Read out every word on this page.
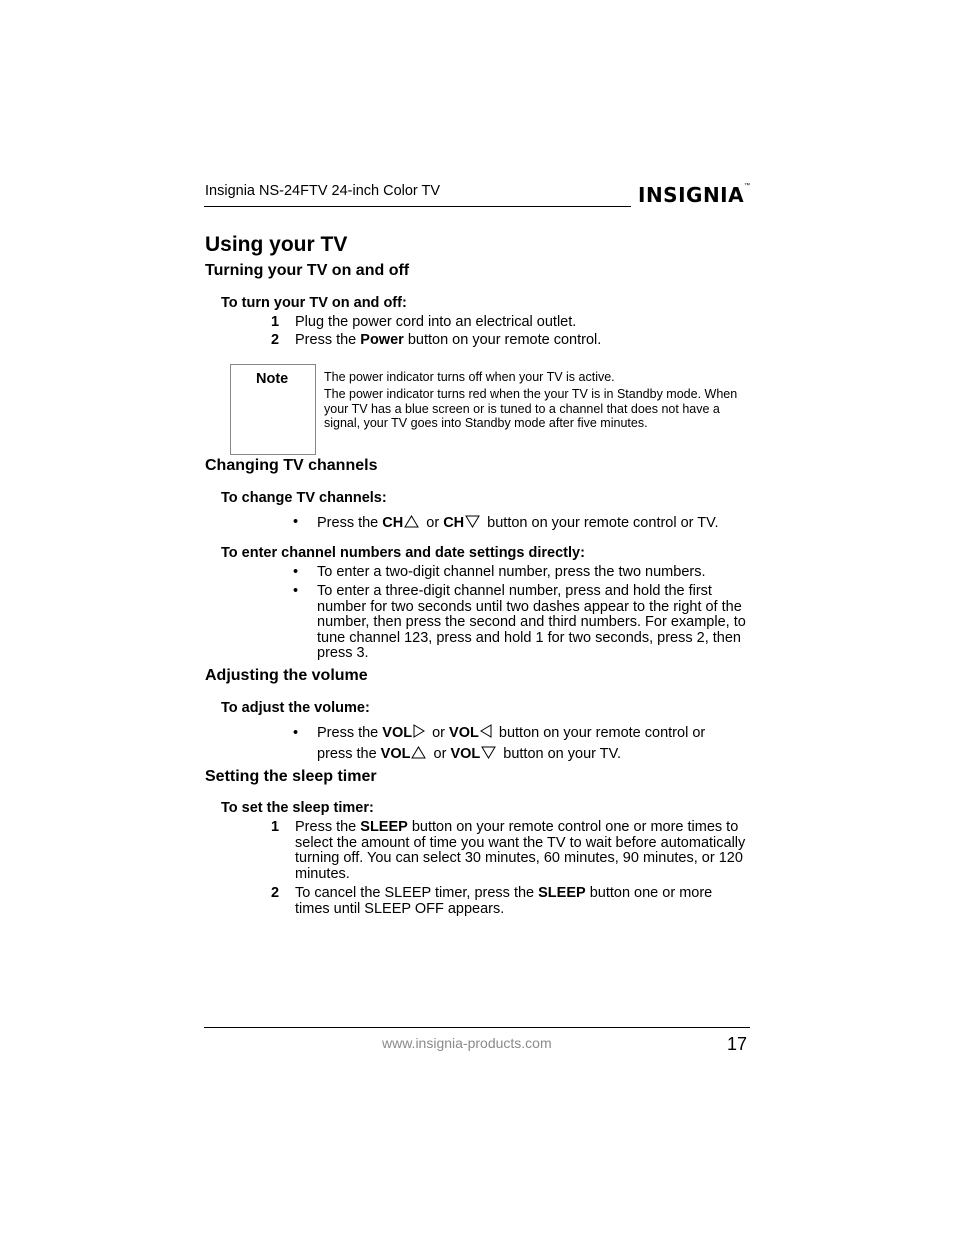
Insignia NS-24FTV 24-inch Color TV	INSIGNIA™
Using your TV
Turning your TV on and off
To turn your TV on and off:
1 Plug the power cord into an electrical outlet.
2 Press the Power button on your remote control.
Note	The power indicator turns off when your TV is active.

The power indicator turns red when the your TV is in Standby mode. When your TV has a blue screen or is tuned to a channel that does not have a signal, your TV goes into Standby mode after five minutes.

Changing TV channels
To change TV channels:
• Press the CH or CH button on your remote control or TV.
To enter channel numbers and date settings directly:
• To enter a two-digit channel number, press the two numbers.
• To enter a three-digit channel number, press and hold the first number for two seconds until two dashes appear to the right of the number, then press the second and third numbers. For example, to tune channel 123, press and hold 1 for two seconds, press 2, then press 3.
Adjusting the volume
To adjust the volume:
• Press the VOL or VOL button on your remote control or
press the VOL or VOL button on your TV.
Setting the sleep timer
To set the sleep timer:
1 Press the SLEEP button on your remote control one or more times to select the amount of time you want the TV to wait before automatically turning off. You can select 30 minutes, 60 minutes, 90 minutes, or 120 minutes.
2 To cancel the SLEEP timer, press the SLEEP button one or more times until SLEEP OFF appears.
www.insignia-products.com	17
